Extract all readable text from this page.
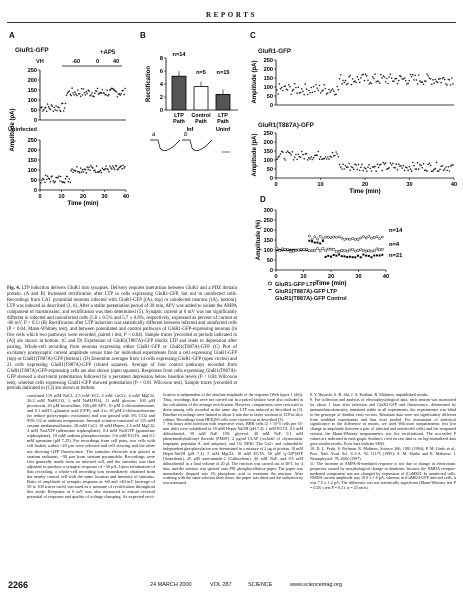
REPORTS
250
200
150
100
50
0
250
200
150
100
50
0
0	10	20	30	40
Time (min)
Amplitude (pA)
8
6
4
2
0
Rectification
LTP
Path
Control
Path
LTP
Path
n=14
n=5 n=15
Inf	Uninf
a	b
250
200
150
100
50
0
250
200
150
100
50
0
0	10	20	30	40
Time (min)
Amplitude (pA)
Amplitude (pA)
300
250
200
150
100
50
0
0	10	20	30	40
Amplitude (%)
Time (min)
n=14
n=4
n=21
A
GluR1-GFP
VH	-60	0 40
+AP5
Uninfected
B	C
GluR1-GFP
GluR1(T887A)-GFP
D
Fig. 4. LTP induction delivers GluR1 into synapses. Delivery requires interaction between GluR1 and a PDZ domain protein. (A and B) Increased rectification after LTP in cells expressing GluR1-GFP, but not in uninfected cells. Recordings from CA1 pyramidal neurons infected with GluR1-GFP [(A), top] or uninfected neurons [(A), bottom]. LTP was induced as described (3, 6). After a stable potentiation period of 30 min, APV was added to isolate the AMPA component of transmission, and rectification was then determined (5). Synaptic current at 0 mV was not significantly different in infected and noninfected cells (5.8 ± 0.5% and 5.7 ± 0.8%, respectively, expressed as percent of current at -60 mV, P > 0.1) (B) Rectification after LTP induction was statistically different between infected and uninfected cells (P < 0.04, Mann-Whitney test), and between potentiated and control pathways of GluR1-GFP-expressing neurons (in five cells which two pathways were recorded, paired t test, P < 0.04). Sample traces [recorded at periods indicated in (A)] are shown at bottom. (C and D) Expression of GluR1(T887A)-GFP blocks LTP and leads to depression after pairing. Whole-cell recording from neurons expressing either GluR1-GFP or GluR1(T887A)-GFP. (C) Plot of excitatory postsynaptic current amplitude versus time for individual experiments from a cell expressing GluR1-GFP (top) or GluR1(T887A)-GFP (bottom). (D) Ensemble averages from 14 cells expressing GluR1-GFP (open circles) and 21 cells expressing GluR1(T887A)-GFP (closed squares). Average of four control pathways recorded from GluR1(T887A)-GFP-expressing cells are also shown (open squares). Responses from cells expressing GluR1(T887A)-GFP showed a short-term potentiation followed by a persistent depression below baseline levels (P < 0.04 Wilcoxon test), whereas cells expressing GluR1-GFP showed potentiation (P < 0.01 Wilcoxon test). Sample traces [recorded at periods indicated in (C)] are shown at bottom.
contained 119 mM NaCl, 2.5 mM KCl, 2 mM CaCl2, 4 mM MgCl2, 26.2 mM NaHCO3, 1 mM NaH2PO4, 11 mM glucose, 100 µM picrotoxin, 20 µM bicuculline, 100 µM APV, 10 µM 2-chloroadenosine, and 0.1 mM L-glutamic acid (CPP), and 4 to 10 µM 2-chloroadenosine (to reduce polysynaptic excitation) and was gassed with 5% CO2 and 95% O2 at ambient temperature. Internal solution consisted of 115 mM cesium methanesulfonate, 20 mM CsCl, 10 mM Hepes, 2.5 mM MgCl2, 4 mM Na2ATP (adenosine triphosphate), 0.4 mM Na3GTP (guanosine triphosphate), 10 mM sodium phosphocreatine, 0.6 mM EGTA, and 0.1 mM spermine (pH 7.25). For recordings from cell pairs, two cells with cell bodies within ~20 µm were selected and cell viewing and the other not showing GFP fluorescence. The stimulus electrode was placed in stratum radiatum, ~50 µm from stratum pyramidale. Recordings were first generally made from an infected cell, and the stimulus was then adjusted to produce a synaptic response of ~50 pA. Upon termination of that recording, a whole-cell recording was immediately obtained from the nearby control cell with the same location and intensity of stimulus. Ratio of amplitude of synaptic response at -60 and +40 mV (average of 50 to 100 traces each) was used as a measure of rectification throughout this study. Response at 0 mV was also measured to ensure reversal potential of response and quality of voltage clamping. As expected recti-
fication is independent of the absolute amplitude of the response (Web figure 1 (26)). Thus, recordings that were not carried out in a paired fashion were also included in the calculation of the average rectification. However, comparisons were restricted to those among cells recorded in the same day. LTP was induced as described in (3). Baseline recordings were limited to about 2 min due to faster washout of LTP in slice culture. Recordings from HEK293 cells were carried out as described (3).
7. Six hours after infection with respective virus, BHK cells (2 × 10^5 cells per 35-mm dish) were solubilized in 50 mM Hepes-NaOH (pH 7.4), 1 mM EGTA, 0.5 mM dithiothreitol, 50 mM NaF, 10% glycerol, 40 mM NaF, 0.1 mM phenylmethylsulfonyl fluoride (PMSF), 2 µg/ml CLAP (cocktail of chymostatin, leupeptin, pepstatin A, and antipain), and 1% NP40. The Ca2+ and calmodulin-independent phosphorylation was determined in a mixture of 2 µg of protein, 10 mM Hepes-NaOH (pH 7.4), 5 mM MgCl2, 10 mM EGTA, 50 µM [γ-32P]ATP (Amersham), 20 µM autocamtide-2 (Calbiochem), 40 mM NaF, and 0.5 mM dithiothreitol in a final volume of 20 µl. The reaction was carried out at 30°C for 4 min, and the mixture was spotted onto P81 phosphocellulose paper. The paper was immediately dropped into 1% phosphoric acid to terminate the reaction. After washing with the same solution three times, the paper was dried and the radioactivity was measured.
8. Y. Hayashi, S.-H. Shi, J. A. Esteban, R. Malinow, unpublished results.
9. For collection and analysis of electrophysiological data, each neuron was monitored for about 1 hour after infection and GluR1-GFP and fluorescence, determined by immunohistochemistry, remained stable in all experiments, the experimenter was blind to the genotype of Sindbis virus vectors. Resultant data were not significantly different from nonblind experiments and thus were pooled. For assessment of statistical significance to the difference in means, we used Wilcoxon nonparametric test (for change in amplitude between a pair of infected and uninfected cells) and the nonpaired version, the Mann-Whitney nonparametric test (for rectification). The two-tailed P values are indicated in each graph. Student's t test on raw data or on log-normalized data gave similar results. Error bars indicate SEM.
10. D. L. Pettit, S. Perlman, R. Malinow, Science 266, 1881 (1994); P. M. Lledo et al., Proc. Natl. Acad. Sci. U.S.A. 92, 11175 (1995); A. M. Shirke and R. Malinow, J. Neurophysiol. 78, 2682 (1997).
11. The increase in AMPA-R-mediated response is not due to change in electrotonic properties caused by morphological change in dendrites, because the NMDA receptor-mediated component was not changed by expression of tCaMKII. In uninfected cells, NMDA current amplitude was 10.0 ± 1.6 pA; whereas in tCaMKII-GFP infected cells, it was 7.5 ± 1.2 pA. The difference was not statistically significant (Mann-Whitney test P = 0.28; t test P = 0.21, n = 25 each).
2266	24 MARCH 2000	VOL 287	SCIENCE	www.sciencemag.org
GluR1-GFP LTP
GluR1(T887A)-GFP LTP
GluR1(T887A)-GFP Control
